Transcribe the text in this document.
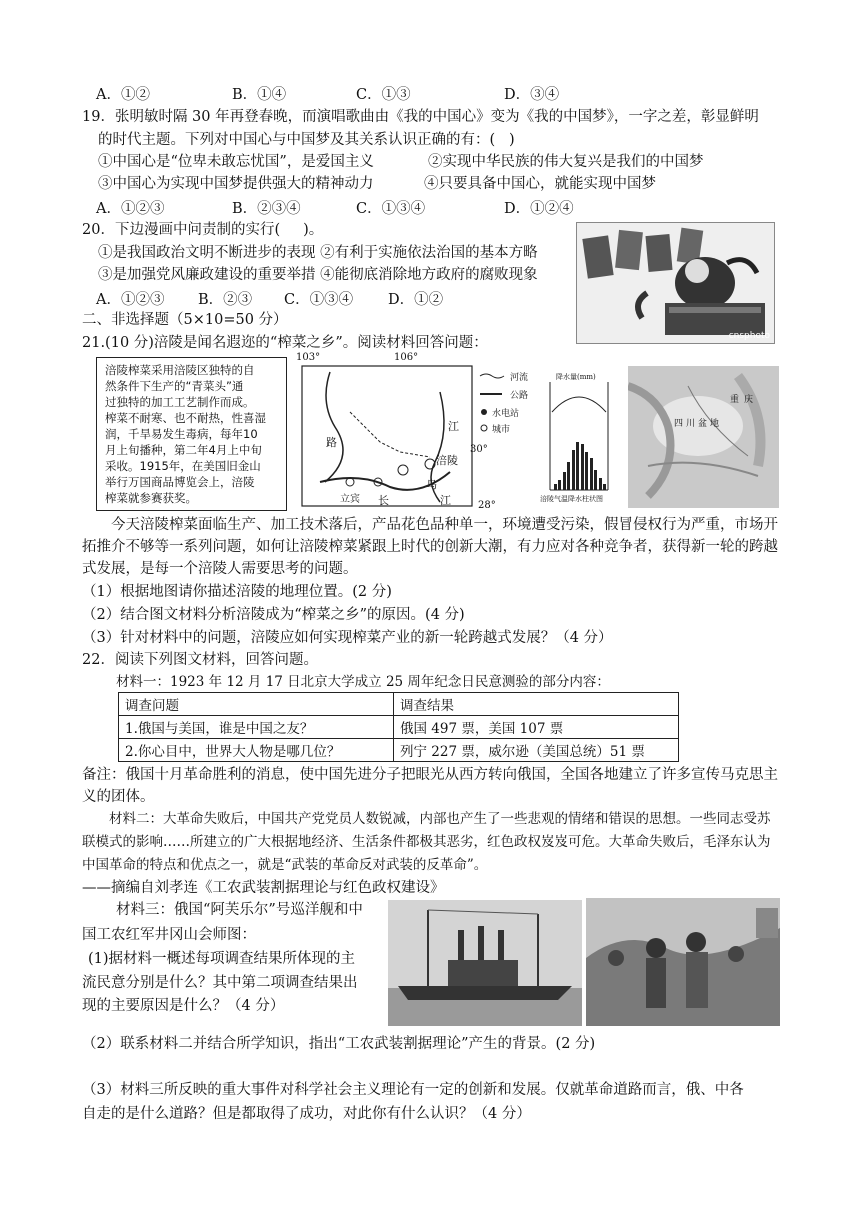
A．①②	B．①④	C．①③	D．③④
19．张明敏时隔 30 年再登春晚，而演唱歌曲由《我的中国心》变为《我的中国梦》，一字之差，彰显鲜明
的时代主题。下列对中国心与中国梦及其关系认识正确的有：(   )
①中国心是“位卑未敢忘忧国”，是爱国主义	②实现中华民族的伟大复兴是我们的中国梦
③中国心为实现中国梦提供强大的精神动力	④只要具备中国心，就能实现中国梦
A．①②③	B．②③④	C．①③④	D．①②④
20．下边漫画中问责制的实行(     )。
①是我国政治文明不断进步的表现 ②有利于实施依法治国的基本方略
③是加强党风廉政建设的重要举措 ④能彻底消除地方政府的腐败现象
A．①②③ B．②③ C．①③④ D．①②
cnsphoto
二、非选择题（5×10=50 分）
21.(10 分)涪陵是闻名遐迩的“榨菜之乡”。阅读材料回答问题：
涪陵榨菜采用涪陵区独特的自
然条件下生产的“青菜头”通
过独特的加工工艺制作而成。
榨菜不耐寒、也不耐热，性喜湿
润，千旱易发生毒病，每年10
月上旬播种，第二年4月上中旬
采收。1915年，在美国旧金山
举行万国商品博览会上，涪陵
榨菜就参赛获奖。
103°	106°
30°
28°
河流
公路
水电站
城市
路
江
立宾 长
涪陵
乌
江
降水量(mm)
涪陵气温降水柱状图
四 川 盆 地
重 庆
今天涪陵榨菜面临生产、加工技术落后，产品花色品种单一，环境遭受污染，假冒侵权行为严重，市场开拓推介不够等一系列问题，如何让涪陵榨菜紧跟上时代的创新大潮，有力应对各种竞争者，获得新一轮的跨越式发展，是每一个涪陵人需要思考的问题。
（1）根据地图请你描述涪陵的地理位置。(2 分)
（2）结合图文材料分析涪陵成为“榨菜之乡”的原因。(4 分)
（3）针对材料中的问题，涪陵应如何实现榨菜产业的新一轮跨越式发展？（4 分）
22．阅读下列图文材料，回答问题。
材料一：1923 年 12 月 17 日北京大学成立 25 周年纪念日民意测验的部分内容：
调查问题	调查结果
1.俄国与美国，谁是中国之友？	俄国 497 票，美国 107 票
2.你心目中，世界大人物是哪几位？	列宁 227 票，威尔逊（美国总统）51 票
备注：俄国十月革命胜利的消息，使中国先进分子把眼光从西方转向俄国，全国各地建立了许多宣传马克思主义的团体。
材料二：大革命失败后，中国共产党党员人数锐减，内部也产生了一些悲观的情绪和错误的思想。一些同志受苏联模式的影响……所建立的广大根据地经济、生活条件都极其恶劣，红色政权岌岌可危。大革命失败后，毛泽东认为中国革命的特点和优点之一，就是“武装的革命反对武装的反革命”。
——摘编自刘孝连《工农武装割据理论与红色政权建设》
材料三：俄国“阿芙乐尔”号巡洋舰和中
国工农红军井冈山会师图：
(1)据材料一概述每项调查结果所体现的主
流民意分别是什么？其中第二项调查结果出
现的主要原因是什么？（4 分）
（2）联系材料二并结合所学知识，指出“工农武装割据理论”产生的背景。(2 分)
（3）材料三所反映的重大事件对科学社会主义理论有一定的创新和发展。仅就革命道路而言，俄、中各
自走的是什么道路？但是都取得了成功，对此你有什么认识？（4 分）
